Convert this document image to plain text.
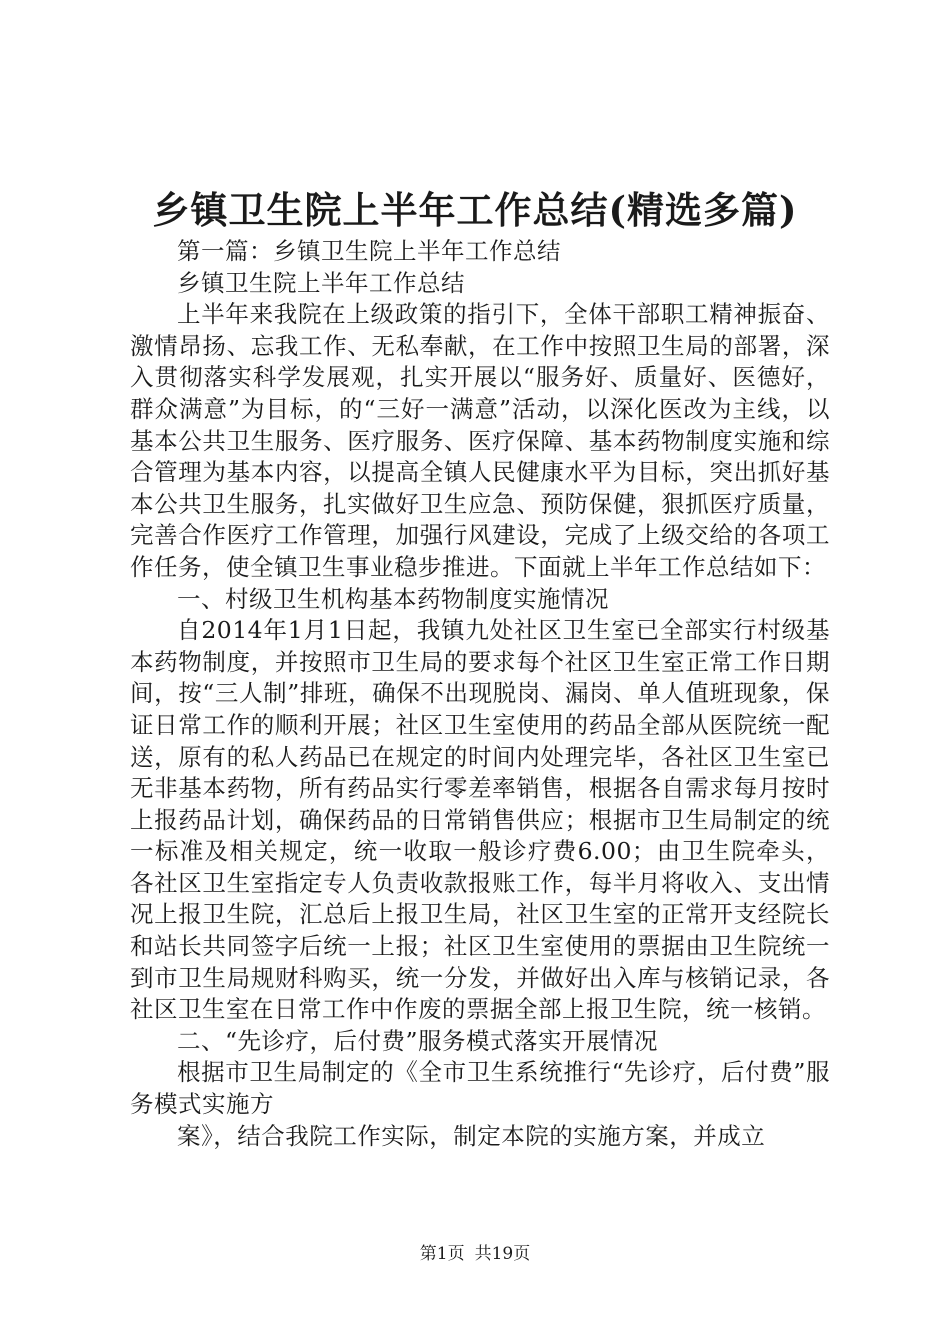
乡镇卫生院上半年工作总结(精选多篇)

第一篇：乡镇卫生院上半年工作总结

乡镇卫生院上半年工作总结

上半年来我院在上级政策的指引下，全体干部职工精神振奋、激情昂扬、忘我工作、无私奉献，在工作中按照卫生局的部署，深入贯彻落实科学发展观，扎实开展以“服务好、质量好、医德好，群众满意”为目标，的“三好一满意”活动，以深化医改为主线，以基本公共卫生服务、医疗服务、医疗保障、基本药物制度实施和综合管理为基本内容，以提高全镇人民健康水平为目标，突出抓好基本公共卫生服务，扎实做好卫生应急、预防保健，狠抓医疗质量，完善合作医疗工作管理，加强行风建设，完成了上级交给的各项工作任务，使全镇卫生事业稳步推进。下面就上半年工作总结如下：

一、村级卫生机构基本药物制度实施情况

自2014年1月1日起，我镇九处社区卫生室已全部实行村级基本药物制度，并按照市卫生局的要求每个社区卫生室正常工作日期间，按“三人制”排班，确保不出现脱岗、漏岗、单人值班现象，保证日常工作的顺利开展；社区卫生室使用的药品全部从医院统一配送，原有的私人药品已在规定的时间内处理完毕，各社区卫生室已无非基本药物，所有药品实行零差率销售，根据各自需求每月按时上报药品计划，确保药品的日常销售供应；根据市卫生局制定的统一标准及相关规定，统一收取一般诊疗费6.00；由卫生院牵头，各社区卫生室指定专人负责收款报账工作，每半月将收入、支出情况上报卫生院，汇总后上报卫生局，社区卫生室的正常开支经院长和站长共同签字后统一上报；社区卫生室使用的票据由卫生院统一到市卫生局规财科购买，统一分发，并做好出入库与核销记录，各社区卫生室在日常工作中作废的票据全部上报卫生院，统一核销。

二、“先诊疗，后付费”服务模式落实开展情况

根据市卫生局制定的《全市卫生系统推行“先诊疗，后付费”服务模式实施方

案》，结合我院工作实际，制定本院的实施方案，并成立

第1页 共19页
